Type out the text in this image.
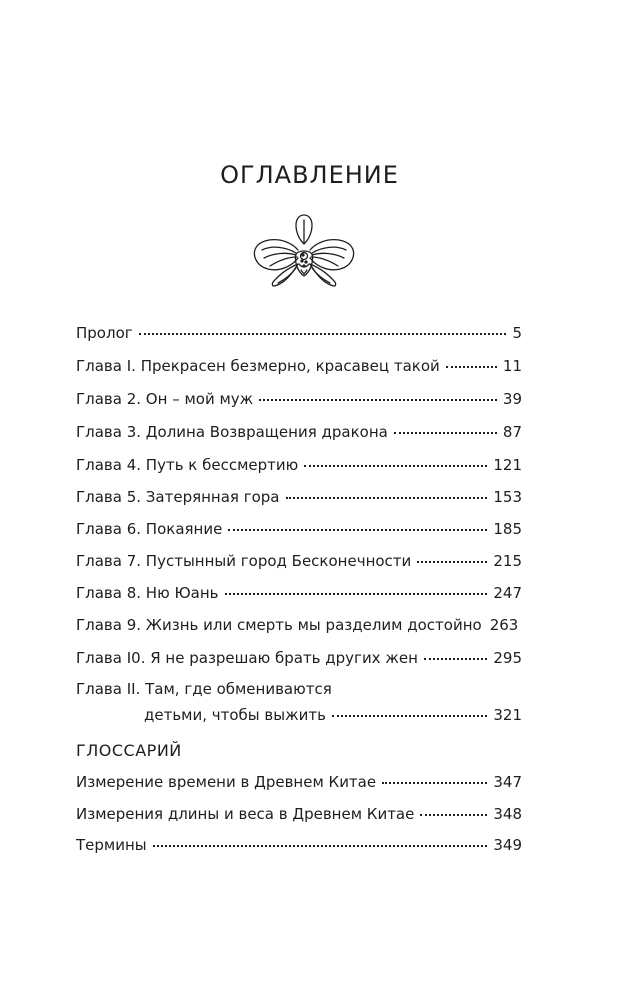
ОГЛАВЛЕНИЕ
Пролог	5
Глава I. Прекрасен безмерно, красавец такой	11
Глава 2. Он – мой муж	39
Глава 3. Долина Возвращения дракона	87
Глава 4. Путь к бессмертию	121
Глава 5. Затерянная гора	153
Глава 6. Покаяние	185
Глава 7. Пустынный город Бесконечности	215
Глава 8. Ню Юань	247
Глава 9. Жизнь или смерть мы разделим достойно 263
Глава I0. Я не разрешаю брать других жен	295
Глава II. Там, где обмениваются
детьми, чтобы выжить	321
ГЛОССАРИЙ
Измерение времени в Древнем Китае	347
Измерения длины и веса в Древнем Китае	348
Термины	349
